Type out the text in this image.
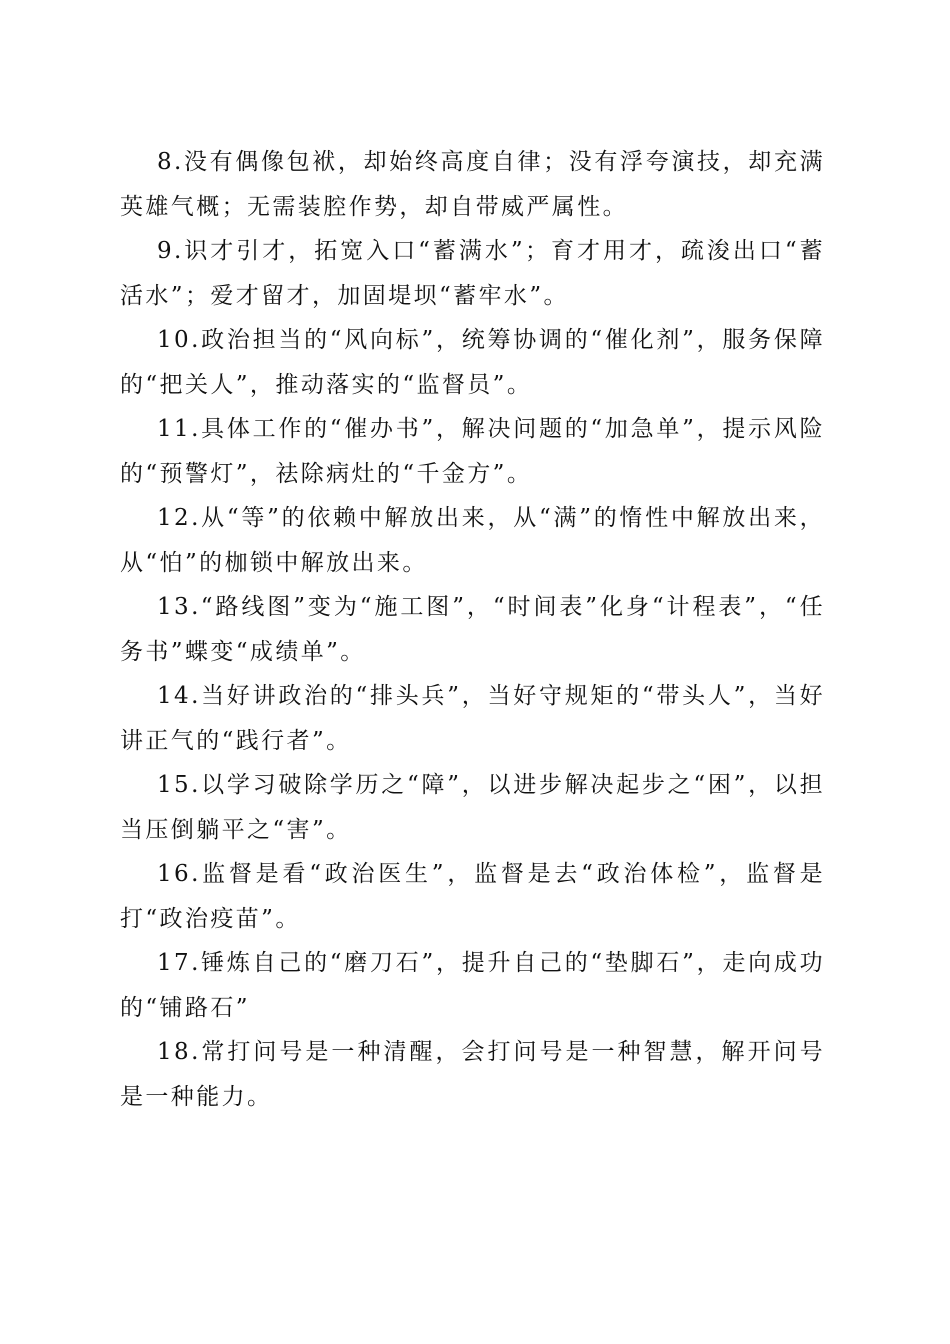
8.没有偶像包袱，却始终高度自律；没有浮夸演技，却充满英雄气概；无需装腔作势，却自带威严属性。

9.识才引才，拓宽入口“蓄满水”；育才用才，疏浚出口“蓄活水”；爱才留才，加固堤坝“蓄牢水”。

10.政治担当的“风向标”，统筹协调的“催化剂”，服务保障的“把关人”，推动落实的“监督员”。

11.具体工作的“催办书”，解决问题的“加急单”，提示风险的“预警灯”，祛除病灶的“千金方”。

12.从“等”的依赖中解放出来，从“满”的惰性中解放出来，从“怕”的枷锁中解放出来。

13.“路线图”变为“施工图”，“时间表”化身“计程表”，“任务书”蝶变“成绩单”。

14.当好讲政治的“排头兵”，当好守规矩的“带头人”，当好讲正气的“践行者”。

15.以学习破除学历之“障”，以进步解决起步之“困”，以担当压倒躺平之“害”。

16.监督是看“政治医生”，监督是去“政治体检”，监督是打“政治疫苗”。

17.锤炼自己的“磨刀石”，提升自己的“垫脚石”，走向成功的“铺路石”

18.常打问号是一种清醒，会打问号是一种智慧，解开问号是一种能力。
